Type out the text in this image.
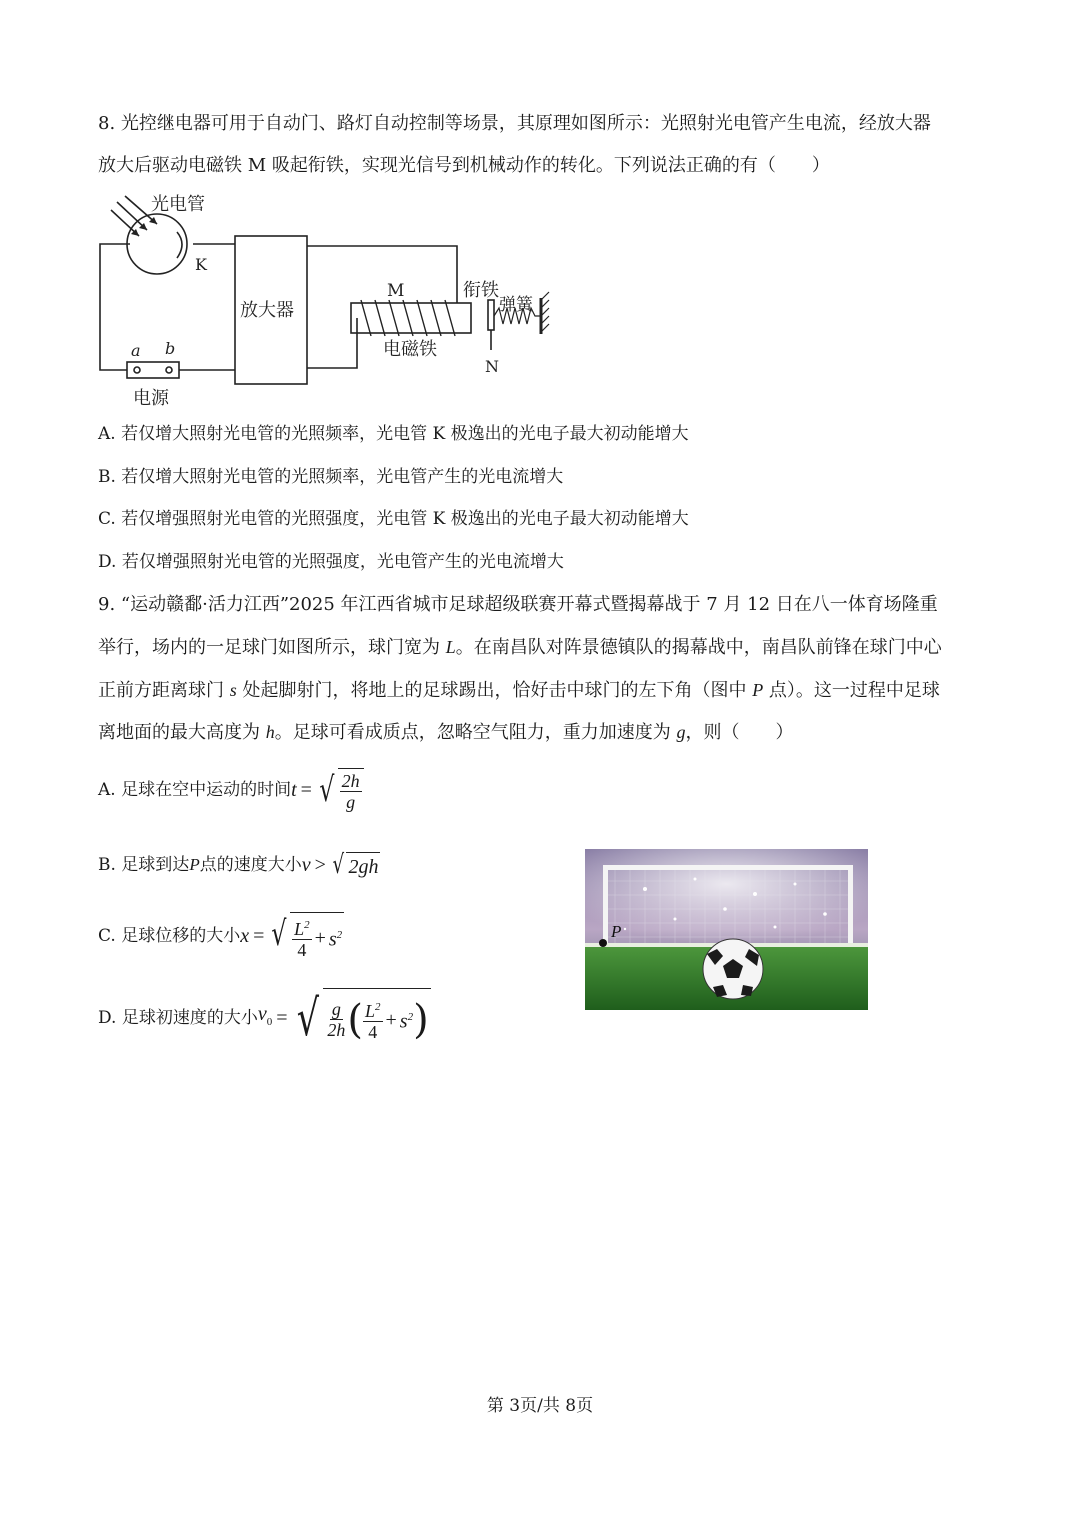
8. 光控继电器可用于自动门、路灯自动控制等场景，其原理如图所示：光照射光电管产生电流，经放大器
放大后驱动电磁铁 M 吸起衔铁，实现光信号到机械动作的转化。下列说法正确的有（　　）
光电管
K
放大器
M
电磁铁
衔铁
弹簧
N
a b
电源
A. 若仅增大照射光电管的光照频率，光电管 K 极逸出的光电子最大初动能增大
B. 若仅增大照射光电管的光照频率，光电管产生的光电流增大
C. 若仅增强照射光电管的光照强度，光电管 K 极逸出的光电子最大初动能增大
D. 若仅增强照射光电管的光照强度，光电管产生的光电流增大
9. “运动赣鄱·活力江西”2025 年江西省城市足球超级联赛开幕式暨揭幕战于 7 月 12 日在八一体育场隆重
举行，场内的一足球门如图所示，球门宽为 L。在南昌队对阵景德镇队的揭幕战中，南昌队前锋在球门中心
正前方距离球门 s 处起脚射门，将地上的足球踢出，恰好击中球门的左下角（图中 P 点）。这一过程中足球
离地面的最大高度为 h。足球可看成质点，忽略空气阻力，重力加速度为 g，则（　　）
A. 足球在空中运动的时间 t = √ $\frac{2h}{g}$
B. 足球到达 P 点的速度大小 v > √ 2gh
C. 足球位移的大小 x = √ $\frac{L^2}{4} + s^2$
D. 足球初速度的大小 $v_0$ = √ $\frac{g}{2h}$ ( $\frac{L^2}{4} + s^2$ )
P
第 3页/共 8页
